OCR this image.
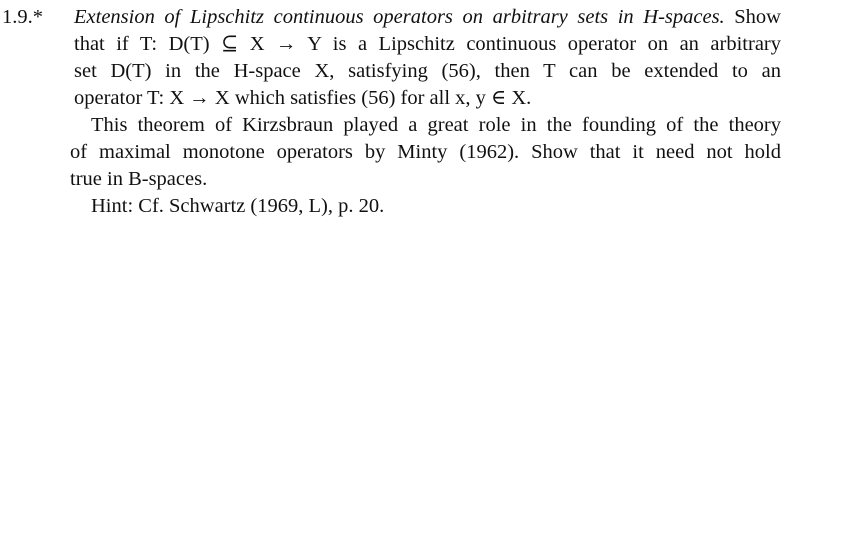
1.9.* Extension of Lipschitz continuous operators on arbitrary sets in H-spaces. Show
that if T: D(T) ⊆ X → Y is a Lipschitz continuous operator on an arbitrary
set D(T) in the H-space X, satisfying (56), then T can be extended to an
operator T: X → X which satisfies (56) for all x, y ∈ X.
This theorem of Kirzsbraun played a great role in the founding of the theory
of maximal monotone operators by Minty (1962). Show that it need not hold
true in B-spaces.
Hint: Cf. Schwartz (1969, L), p. 20.
